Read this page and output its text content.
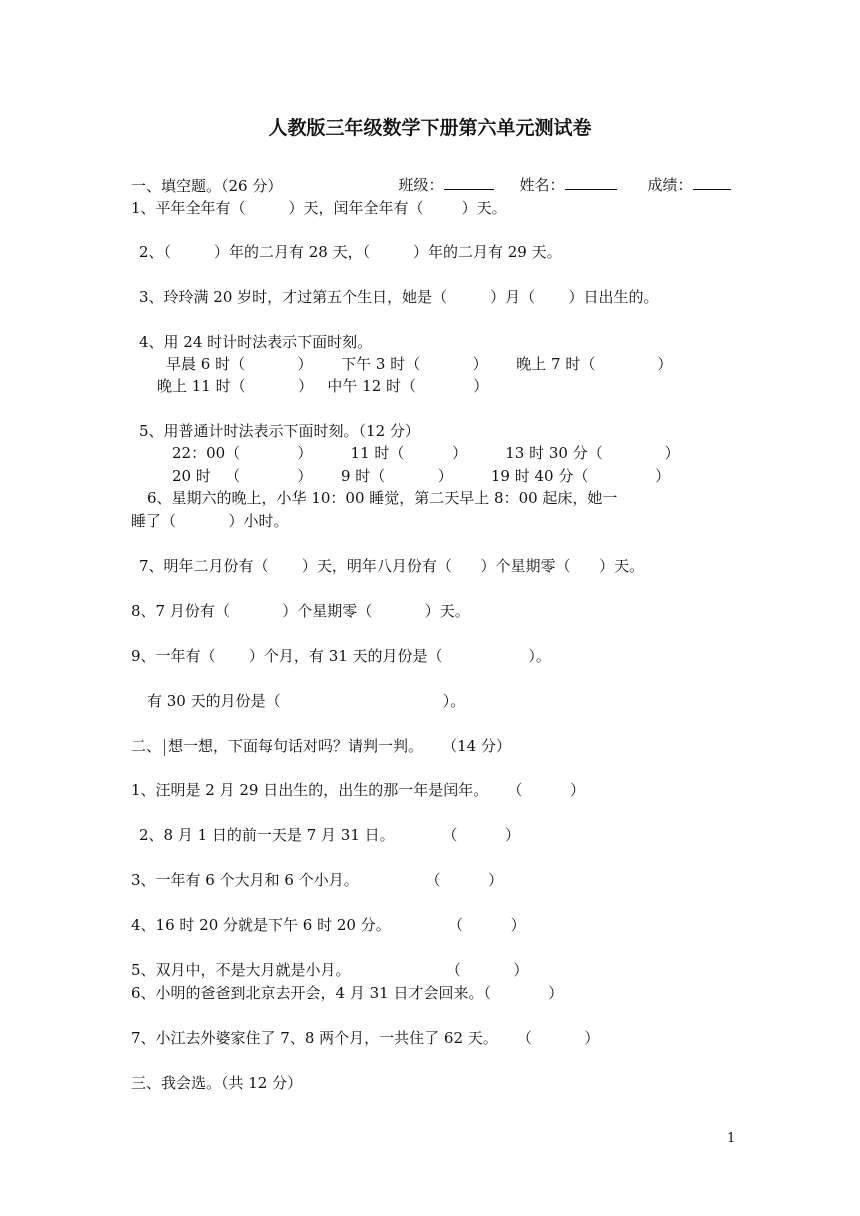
人教版三年级数学下册第六单元测试卷

班级：	姓名：	成绩：

一、填空题。（26 分）
1、平年全年有（         ）天，闰年全年有（        ）天。
2、（         ）年的二月有 28 天，（         ）年的二月有 29 天。
3、玲玲满 20 岁时，才过第五个生日，她是（         ）月（       ）日出生的。
4、用 24 时计时法表示下面时刻。
早晨 6 时（           ）      下午 3 时（           ）      晚上 7 时（             ）
晚上 11 时（           ）   中午 12 时（            ）
5、用普通计时法表示下面时刻。（12 分）
22：00（            ）        11 时（          ）        13 时 30 分（             ）
20 时   （            ）      9 时（           ）        19 时 40 分（              ）
6、星期六的晚上，小华 10：00 睡觉，第二天早上 8：00 起床，她一
睡了（           ）小时。
7、明年二月份有（       ）天，明年八月份有（      ）个星期零（      ）天。
8、7 月份有（           ）个星期零（           ）天。
9、一年有（       ）个月，有 31 天的月份是（                  ）。
有 30 天的月份是（                                  ）。
二、 想一想，下面每句话对吗？请判一判。    （14 分）
1、汪明是 2 月 29 日出生的，出生的那一年是闰年。    （          ）
2、8 月 1 日的前一天是 7 月 31 日。          （          ）
3、一年有 6 个大月和 6 个小月。              （          ）
4、16 时 20 分就是下午 6 时 20 分。            （          ）
5、双月中，不是大月就是小月。                    （           ）
6、小明的爸爸到北京去开会，4 月 31 日才会回来。（            ）
7、小江去外婆家住了 7、8 两个月，一共住了 62 天。    （           ）
三、我会选。（共 12 分）
1
